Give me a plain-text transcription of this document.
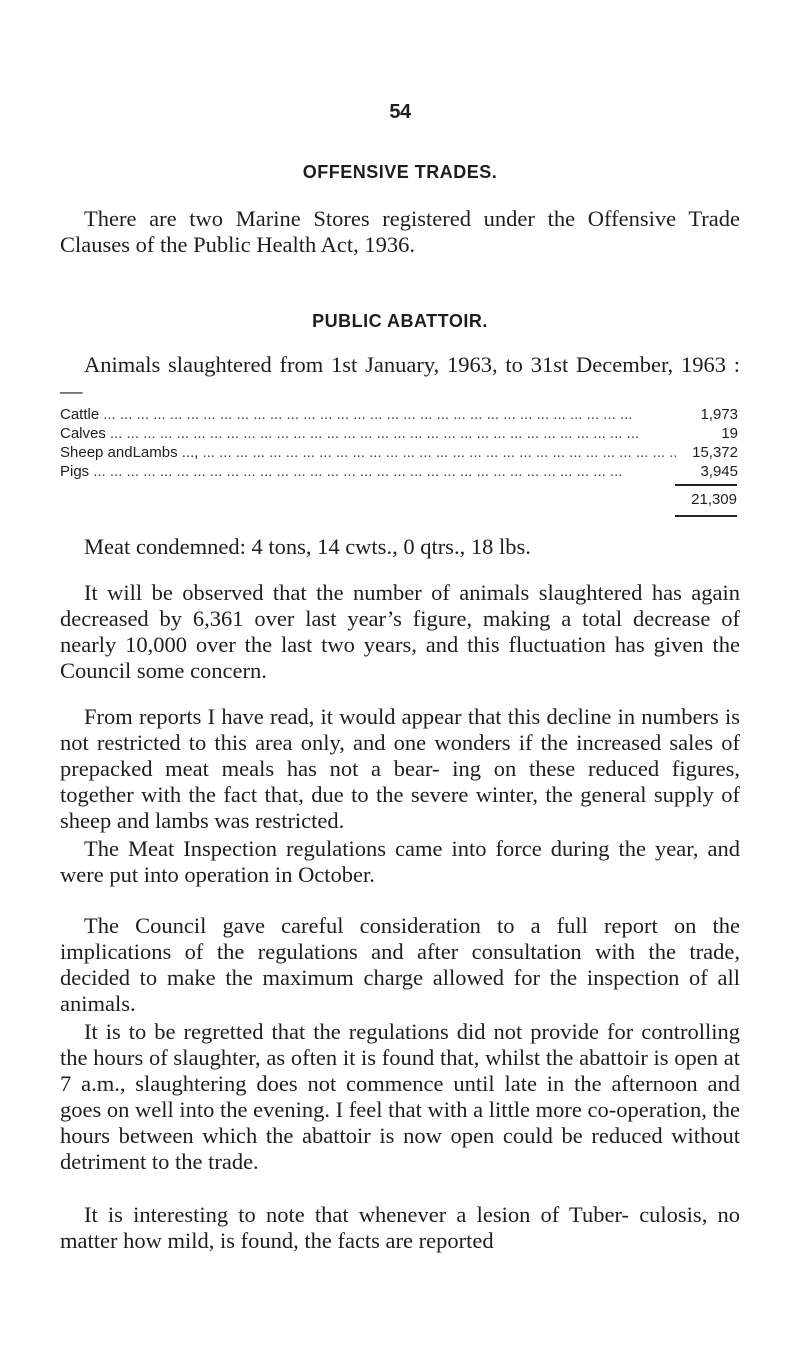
54
OFFENSIVE TRADES.

There are two Marine Stores registered under the Offensive Trade Clauses of the Public Health Act, 1936.

PUBLIC ABATTOIR.

Animals slaughtered from 1st January, 1963, to 31st December, 1963 :—

Cattle ... .	1,973
Calves ... .	19
Sheep andLambs ..., ... .	15,372
Pigs ... .	3,945
21,309

Meat condemned: 4 tons, 14 cwts., 0 qtrs., 18 lbs.

It will be observed that the number of animals slaughtered has again decreased by 6,361 over last year’s figure, making a total decrease of nearly 10,000 over the last two years, and this fluctuation has given the Council some concern.

From reports I have read, it would appear that this decline in numbers is not restricted to this area only, and one wonders if the increased sales of prepacked meat meals has not a bear- ing on these reduced figures, together with the fact that, due to the severe winter, the general supply of sheep and lambs was restricted.

The Meat Inspection regulations came into force during the year, and were put into operation in October.

The Council gave careful consideration to a full report on the implications of the regulations and after consultation with the trade, decided to make the maximum charge allowed for the inspection of all animals.

It is to be regretted that the regulations did not provide for controlling the hours of slaughter, as often it is found that, whilst the abattoir is open at 7 a.m., slaughtering does not commence until late in the afternoon and goes on well into the evening. I feel that with a little more co-operation, the hours between which the abattoir is now open could be reduced without detriment to the trade.

It is interesting to note that whenever a lesion of Tuber- culosis, no matter how mild, is found, the facts are reported
